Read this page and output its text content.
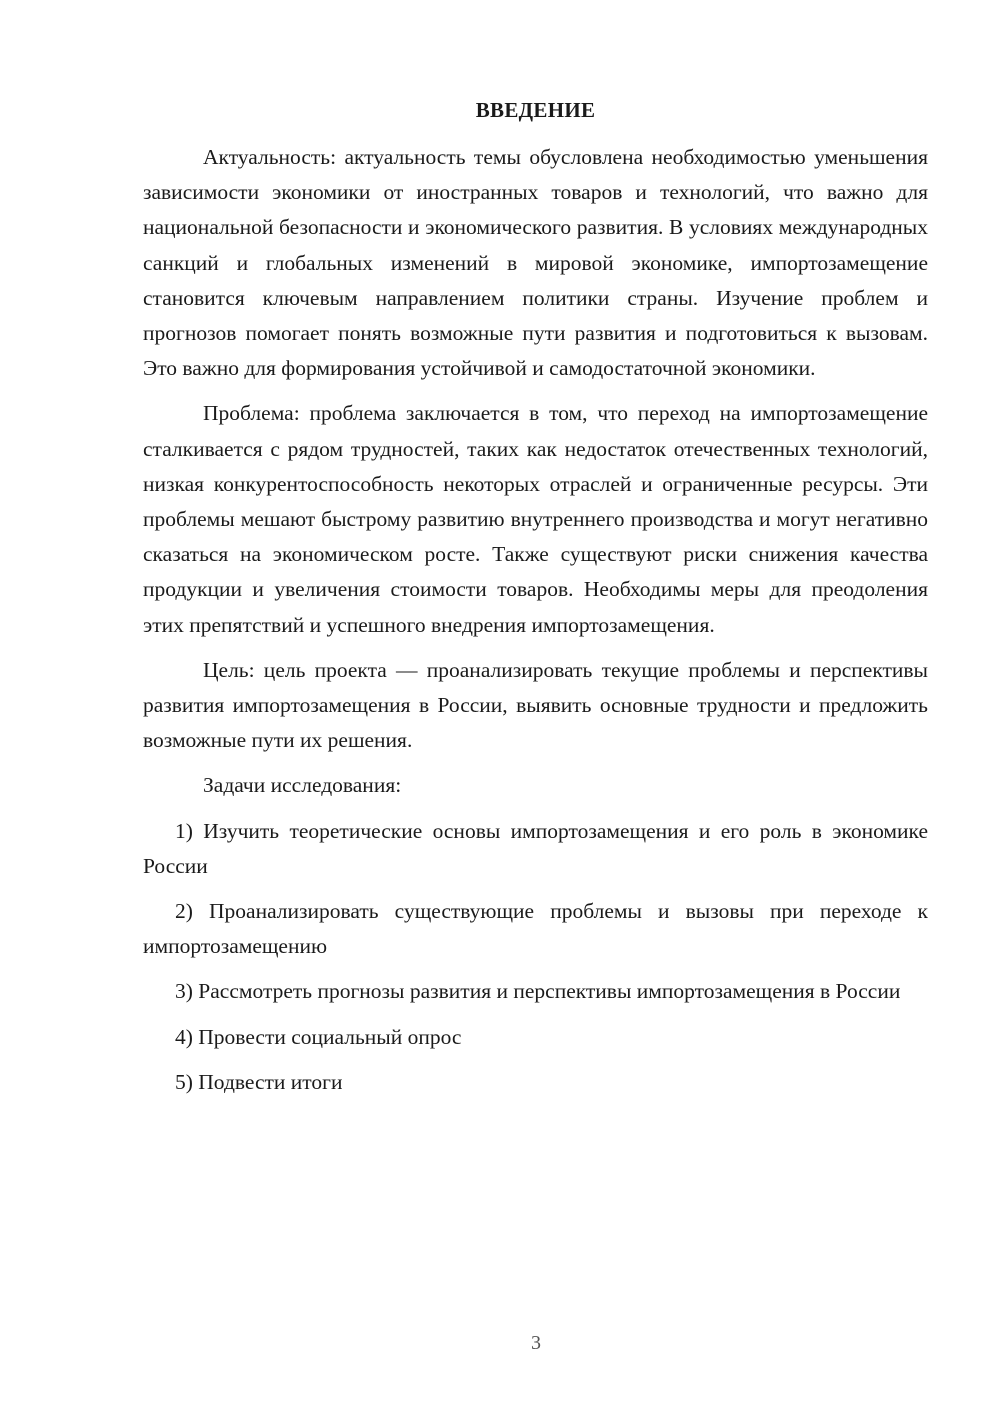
ВВЕДЕНИЕ

Актуальность: актуальность темы обусловлена необходимостью уменьшения зависимости экономики от иностранных товаров и технологий, что важно для национальной безопасности и экономического развития. В условиях международных санкций и глобальных изменений в мировой экономике, импортозамещение становится ключевым направлением политики страны. Изучение проблем и прогнозов помогает понять возможные пути развития и подготовиться к вызовам. Это важно для формирования устойчивой и самодостаточной экономики.

Проблема: проблема заключается в том, что переход на импортозамещение сталкивается с рядом трудностей, таких как недостаток отечественных технологий, низкая конкурентоспособность некоторых отраслей и ограниченные ресурсы. Эти проблемы мешают быстрому развитию внутреннего производства и могут негативно сказаться на экономическом росте. Также существуют риски снижения качества продукции и увеличения стоимости товаров. Необходимы меры для преодоления этих препятствий и успешного внедрения импортозамещения.

Цель: цель проекта — проанализировать текущие проблемы и перспективы развития импортозамещения в России, выявить основные трудности и предложить возможные пути их решения.

Задачи исследования:

1) Изучить теоретические основы импортозамещения и его роль в экономике России

2) Проанализировать существующие проблемы и вызовы при переходе к импортозамещению

3) Рассмотреть прогнозы развития и перспективы импортозамещения в России

4) Провести социальный опрос

5) Подвести итоги

3
